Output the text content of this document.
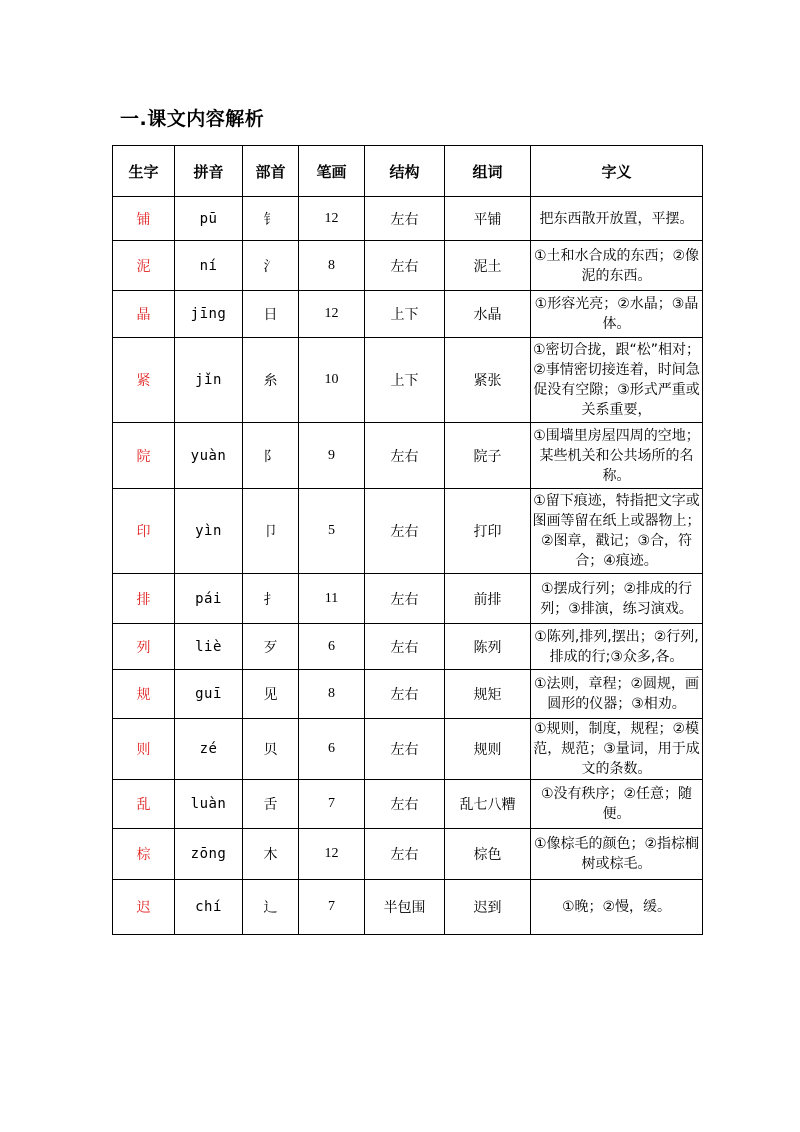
一.课文内容解析
生字	拼音	部首	笔画	结构	组词	字义
铺	pū	钅	12	左右	平铺	把东西散开放置，平摆。
泥	ní	氵	8	左右	泥土	①土和水合成的东西；②像泥的东西。
晶	jīng	日	12	上下	水晶	①形容光亮；②水晶；③晶体。
紧	jǐn	糸	10	上下	紧张	①密切合拢，跟“松”相对；②事情密切接连着，时间急促没有空隙；③形式严重或关系重要，
院	yuàn	阝	9	左右	院子	①围墙里房屋四周的空地；某些机关和公共场所的名称。
印	yìn	卩	5	左右	打印	①留下痕迹，特指把文字或图画等留在纸上或器物上；②图章，戳记；③合，符合；④痕迹。
排	pái	扌	11	左右	前排	①摆成行列；②排成的行列；③排演，练习演戏。
列	liè	歹	6	左右	陈列	①陈列,排列,摆出；②行列,排成的行;③众多,各。
规	guī	见	8	左右	规矩	①法则，章程；②圆规，画圆形的仪器；③相劝。
则	zé	贝	6	左右	规则	①规则，制度，规程；②模范，规范；③量词，用于成文的条数。
乱	luàn	舌	7	左右	乱七八糟	①没有秩序；②任意；随便。
棕	zōng	木	12	左右	棕色	①像棕毛的颜色；②指棕榈树或棕毛。
迟	chí	辶	7	半包围	迟到	①晚；②慢，缓。
